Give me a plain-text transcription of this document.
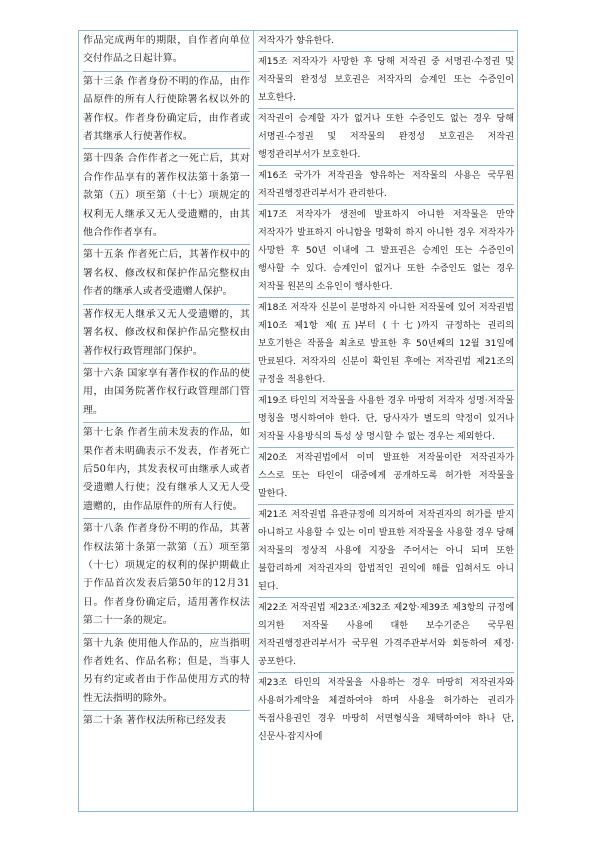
作品完成两年的期限，自作者向单位交付作品之日起计算。
第十三条 作者身份不明的作品，由作品原件的所有人行使除署名权以外的著作权。作者身份确定后，由作者或者其继承人行使著作权。
第十四条 合作作者之一死亡后，其对合作作品享有的著作权法第十条第一款第（五）项至第（十七）项规定的权利无人继承又无人受遗赠的，由其他合作作者享有。
第十五条 作者死亡后，其著作权中的署名权、修改权和保护作品完整权由作者的继承人或者受遗赠人保护。
著作权无人继承又无人受遗赠的，其署名权、修改权和保护作品完整权由著作权行政管理部门保护。
第十六条 国家享有著作权的作品的使用，由国务院著作权行政管理部门管理。
第十七条 作者生前未发表的作品，如果作者未明确表示不发表，作者死亡后50年内，其发表权可由继承人或者受遗赠人行使；没有继承人又无人受遗赠的，由作品原件的所有人行使。
第十八条 作者身份不明的作品，其著作权法第十条第一款第（五）项至第（十七）项规定的权利的保护期截止于作品首次发表后第50年的12月31日。作者身份确定后，适用著作权法第二十一条的规定。
第十九条 使用他人作品的，应当指明作者姓名、作品名称；但是，当事人另有约定或者由于作品使用方式的特性无法指明的除外。
第二十条 著作权法所称已经发表
저작자가 향유한다.
제15조 저작자가 사망한 후 당해 저작권 중 서명권·수정권 및 저작물의 완정성 보호권은 저작자의 승계인 또는 수증인이 보호한다.
저작권이 승계할 자가 없거나 또한 수증인도 없는 경우 당해 서명권·수정권 및 저작물의 완정성 보호권은 저작권 행정관리부서가 보호한다.
제16조 국가가 저작권을 향유하는 저작물의 사용은 국무원 저작권행정관리부서가 관리한다.
제17조 저작자가 생전에 발표하지 아니한 저작물은 만약 저작자가 발표하지 아니함을 명확히 하지 아니한 경우 저작자가 사망한 후 50년 이내에 그 발표권은 승계인 또는 수증인이 행사할 수 있다. 승계인이 없거나 또한 수증인도 없는 경우 저작물 원본의 소유인이 행사한다.
제18조 저작자 신분이 분명하지 아니한 저작물에 있어 저작권법 제10조 제1항 제(五)부터 (十七)까지 규정하는 권리의 보호기한은 작품을 최초로 발표한 후 50년째의 12월 31일에 만료된다. 저작자의 신분이 확인된 후에는 저작권법 제21조의 규정을 적용한다.
제19조 타인의 저작물을 사용한 경우 마땅히 저작자 성명·저작물 명칭을 명시하여야 한다. 단, 당사자가 별도의 약정이 있거나 저작물 사용방식의 특성 상 명시할 수 없는 경우는 제외한다.
제20조 저작권법에서 이미 발표한 저작물이란 저작권자가 스스로 또는 타인이 대중에게 공개하도록 허가한 저작물을 말한다.
제21조 저작권법 유관규정에 의거하여 저작권자의 허가를 받지 아니하고 사용할 수 있는 이미 발표한 저작물을 사용할 경우 당해 저작물의 정상적 사용에 지장을 주어서는 아니 되며 또한 불합리하게 저작권자의 합법적인 권익에 해를 입혀서도 아니 된다.
제22조 저작권법 제23조·제32조 제2항·제39조 제3항의 규정에 의거한 저작물 사용에 대한 보수기준은 국무원 저작권행정관리부서가 국무원 가격주관부서와 회동하여 제정·공포한다.
제23조 타인의 저작물을 사용하는 경우 마땅히 저작권자와 사용허가계약을 체결하여야 하며 사용을 허가하는 권리가 독점사용권인 경우 마땅히 서면형식을 채택하여야 하나 단, 신문사·잡지사에
